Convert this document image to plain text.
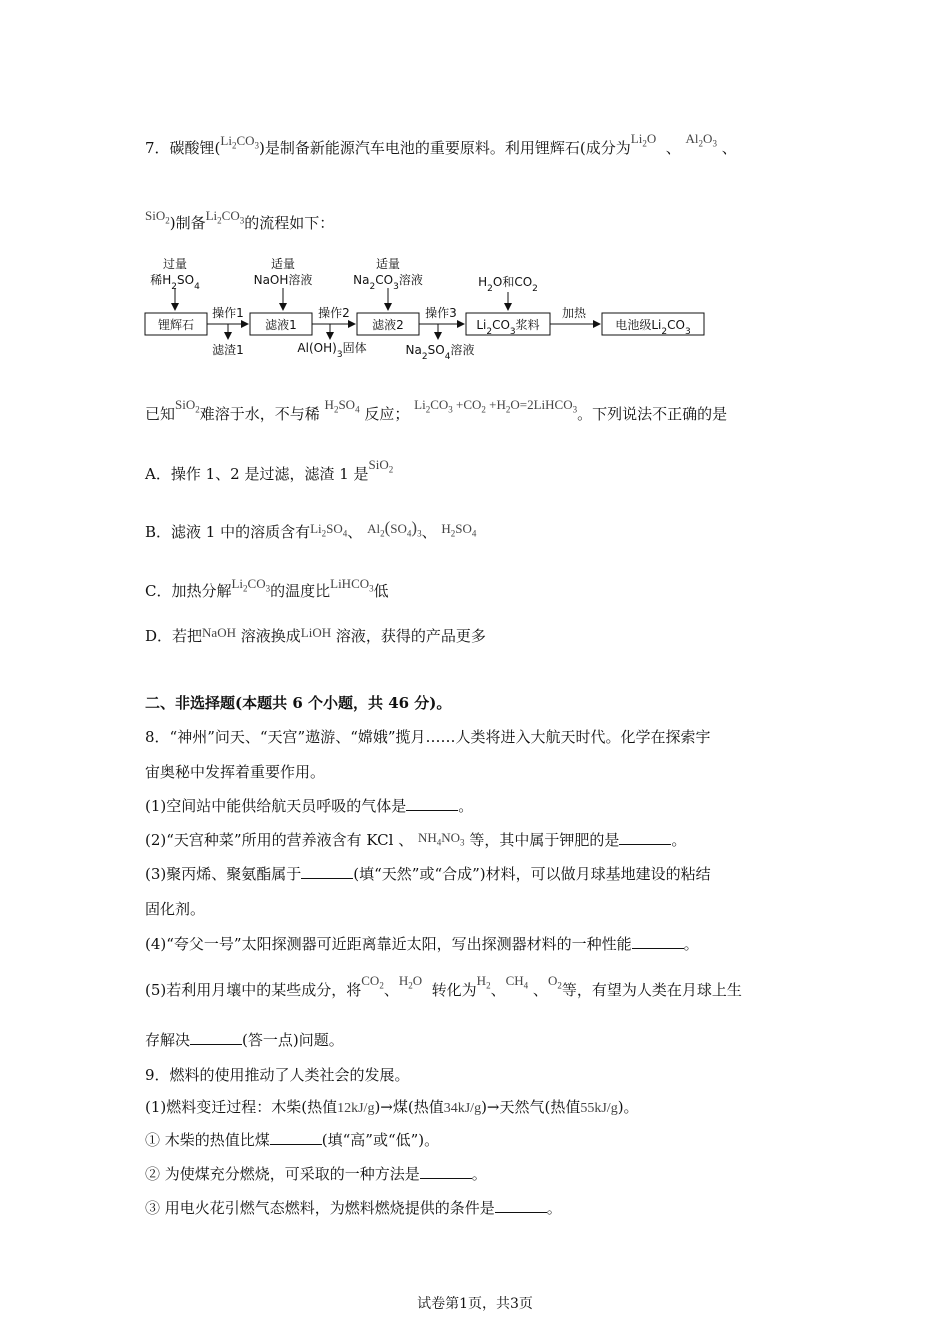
7．碳酸锂$(Li_2CO_3)$是制备新能源汽车电池的重要原料。利用锂辉石(成分为$Li_2O$  、 $Al_2O_3$ 、
SiO$_2$)制备$Li_2CO_3$的流程如下：
过量
稀$H_2SO_4$
适量
NaOH溶液
适量
$Na_2CO_3$溶液	$H_2O$和$CO_2$
锂辉石	滤液1	滤液2	$Li_2CO_3$浆料	电池级$Li_2CO_3$
操作1	操作2	操作3	加热
滤渣1	$Al(OH)_3$固体	$Na_2SO_4$溶液
已知SiO$_2$难溶于水，不与稀 $H_2SO_4$ 反应； $Li_2CO_3 +CO_2$ $+H_2O=2LiHCO_3$。下列说法不正确的是
A．操作 1、2 是过滤，滤渣 1 是SiO$_2$
B．滤液 1 中的溶质含有$Li_2SO_4$、 $Al_2(SO_4)_3$、 $H_2SO_4$
C．加热分解$Li_2CO_3$的温度比LiHCO$_3$低
D．若把NaOH 溶液换成LiOH 溶液，获得的产品更多
二、非选择题(本题共 6 个小题，共 46 分)。
8．“神州”问天、“天宫”遨游、“嫦娥”揽月……人类将进入大航天时代。化学在探索宇
宙奥秘中发挥着重要作用。
(1)空间站中能供给航天员呼吸的气体是	。
(2)“天宫种菜”所用的营养液含有 KCl 、 $NH_4NO_3$ 等，其中属于钾肥的是	。
(3)聚丙烯、聚氨酯属于	(填“天然”或“合成”)材料，可以做月球基地建设的粘结
固化剂。
(4)“夸父一号”太阳探测器可近距离靠近太阳，写出探测器材料的一种性能	。
(5)若利用月壤中的某些成分，将$CO_2$、$H_2O$  转化为$H_2$、$CH_4$ 、$O_2$等，有望为人类在月球上生
存解决	(答一点)问题。
9．燃料的使用推动了人类社会的发展。
(1)燃料变迁过程：木柴(热值12kJ/g)→煤(热值34kJ/g)→天然气(热值55kJ/g)。
① 木柴的热值比煤	(填“高”或“低”)。
② 为使煤充分燃烧，可采取的一种方法是	。
③ 用电火花引燃气态燃料，为燃料燃烧提供的条件是	。
试卷第1页，共3页
